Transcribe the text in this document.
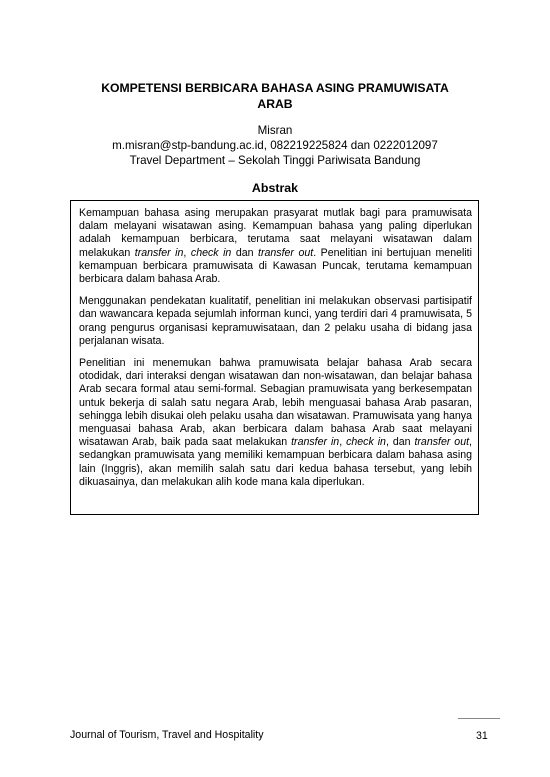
KOMPETENSI BERBICARA BAHASA ASING PRAMUWISATA
ARAB
Misran
m.misran@stp-bandung.ac.id, 082219225824 dan 0222012097
Travel Department – Sekolah Tinggi Pariwisata Bandung
Abstrak

Kemampuan bahasa asing merupakan prasyarat mutlak bagi para pramuwisata dalam melayani wisatawan asing. Kemampuan bahasa yang paling diperlukan adalah kemampuan berbicara, terutama saat melayani wisatawan dalam melakukan transfer in, check in dan transfer out. Penelitian ini bertujuan meneliti kemampuan berbicara pramuwisata di Kawasan Puncak, terutama kemampuan berbicara dalam bahasa Arab.

Menggunakan pendekatan kualitatif, penelitian ini melakukan observasi partisipatif dan wawancara kepada sejumlah informan kunci, yang terdiri dari 4 pramuwisata, 5 orang pengurus organisasi kepramuwisataan, dan 2 pelaku usaha di bidang jasa perjalanan wisata.

Penelitian ini menemukan bahwa pramuwisata belajar bahasa Arab secara otodidak, dari interaksi dengan wisatawan dan non-wisatawan, dan belajar bahasa Arab secara formal atau semi-formal. Sebagian pramuwisata yang berkesempatan untuk bekerja di salah satu negara Arab, lebih menguasai bahasa Arab pasaran, sehingga lebih disukai oleh pelaku usaha dan wisatawan. Pramuwisata yang hanya menguasai bahasa Arab, akan berbicara dalam bahasa Arab saat melayani wisatawan Arab, baik pada saat melakukan transfer in, check in, dan transfer out, sedangkan pramuwisata yang memiliki kemampuan berbicara dalam bahasa asing lain (Inggris), akan memilih salah satu dari kedua bahasa tersebut, yang lebih dikuasainya, dan melakukan alih kode mana kala diperlukan.

Journal of Tourism, Travel and Hospitality	31
